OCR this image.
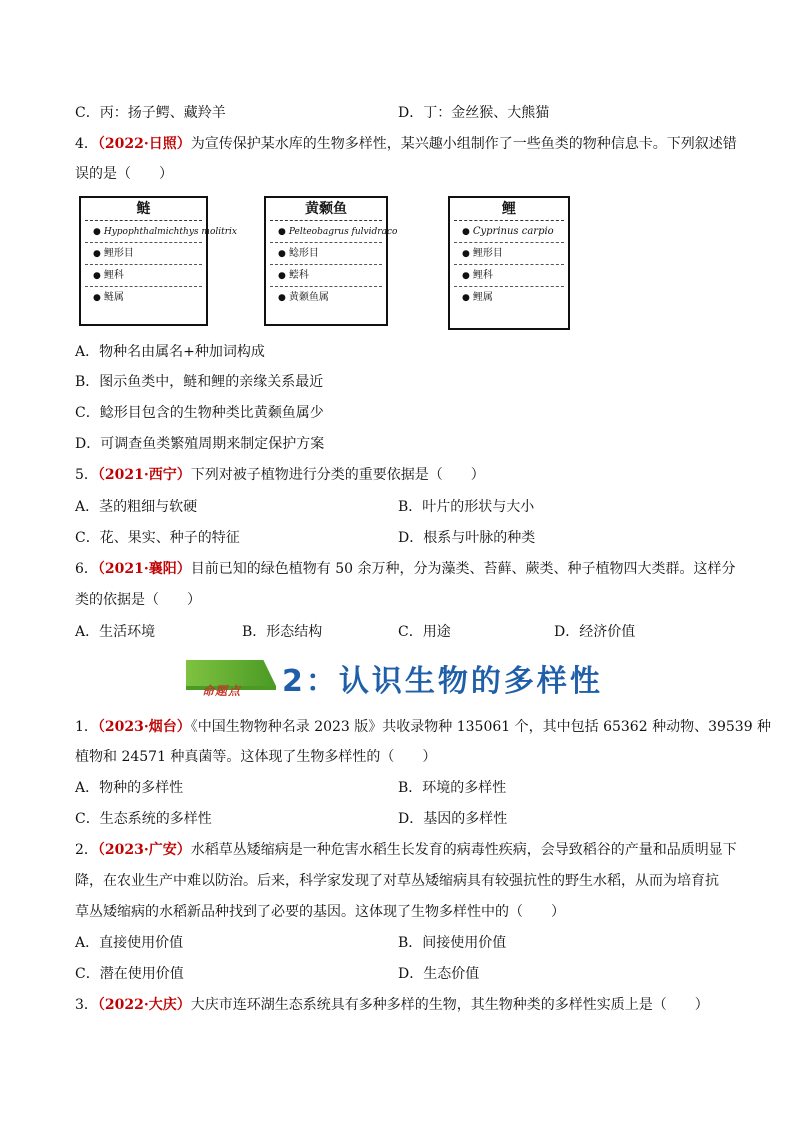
C．丙：扬子鳄、藏羚羊	D．丁：金丝猴、大熊猫
4．（2022·日照）为宣传保护某水库的生物多样性，某兴趣小组制作了一些鱼类的物种信息卡。下列叙述错
误的是（　　）
鲢
● Hypophthalmichthys molitrix
● 鲤形目
● 鲤科
● 鲢属
黄颡鱼
● Pelteobagrus fulvidraco
● 鲶形目
● 鲿科
● 黄颡鱼属
鲤
● Cyprinus carpio
● 鲤形目
● 鲤科
● 鲤属
A．物种名由属名+种加词构成
B．图示鱼类中，鲢和鲤的亲缘关系最近
C．鲶形目包含的生物种类比黄颡鱼属少
D．可调查鱼类繁殖周期来制定保护方案
5．（2021·西宁）下列对被子植物进行分类的重要依据是（　　）
A．茎的粗细与软硬	B．叶片的形状与大小
C．花、果实、种子的特征	D．根系与叶脉的种类
6．（2021·襄阳）目前已知的绿色植物有 50 余万种，分为藻类、苔藓、蕨类、种子植物四大类群。这样分
类的依据是（　　）
A．生活环境	B．形态结构	C．用途	D．经济价值
命题点 2：认识生物的多样性
1．（2023·烟台）《中国生物物种名录 2023 版》共收录物种 135061 个，其中包括 65362 种动物、39539 种
植物和 24571 种真菌等。这体现了生物多样性的（　　）
A．物种的多样性	B．环境的多样性
C．生态系统的多样性	D．基因的多样性
2．（2023·广安）水稻草丛矮缩病是一种危害水稻生长发育的病毒性疾病，会导致稻谷的产量和品质明显下
降，在农业生产中难以防治。后来，科学家发现了对草丛矮缩病具有较强抗性的野生水稻，从而为培育抗
草丛矮缩病的水稻新品种找到了必要的基因。这体现了生物多样性中的（　　）
A．直接使用价值	B．间接使用价值
C．潜在使用价值	D．生态价值
3．（2022·大庆）大庆市连环湖生态系统具有多种多样的生物，其生物种类的多样性实质上是（　　）
